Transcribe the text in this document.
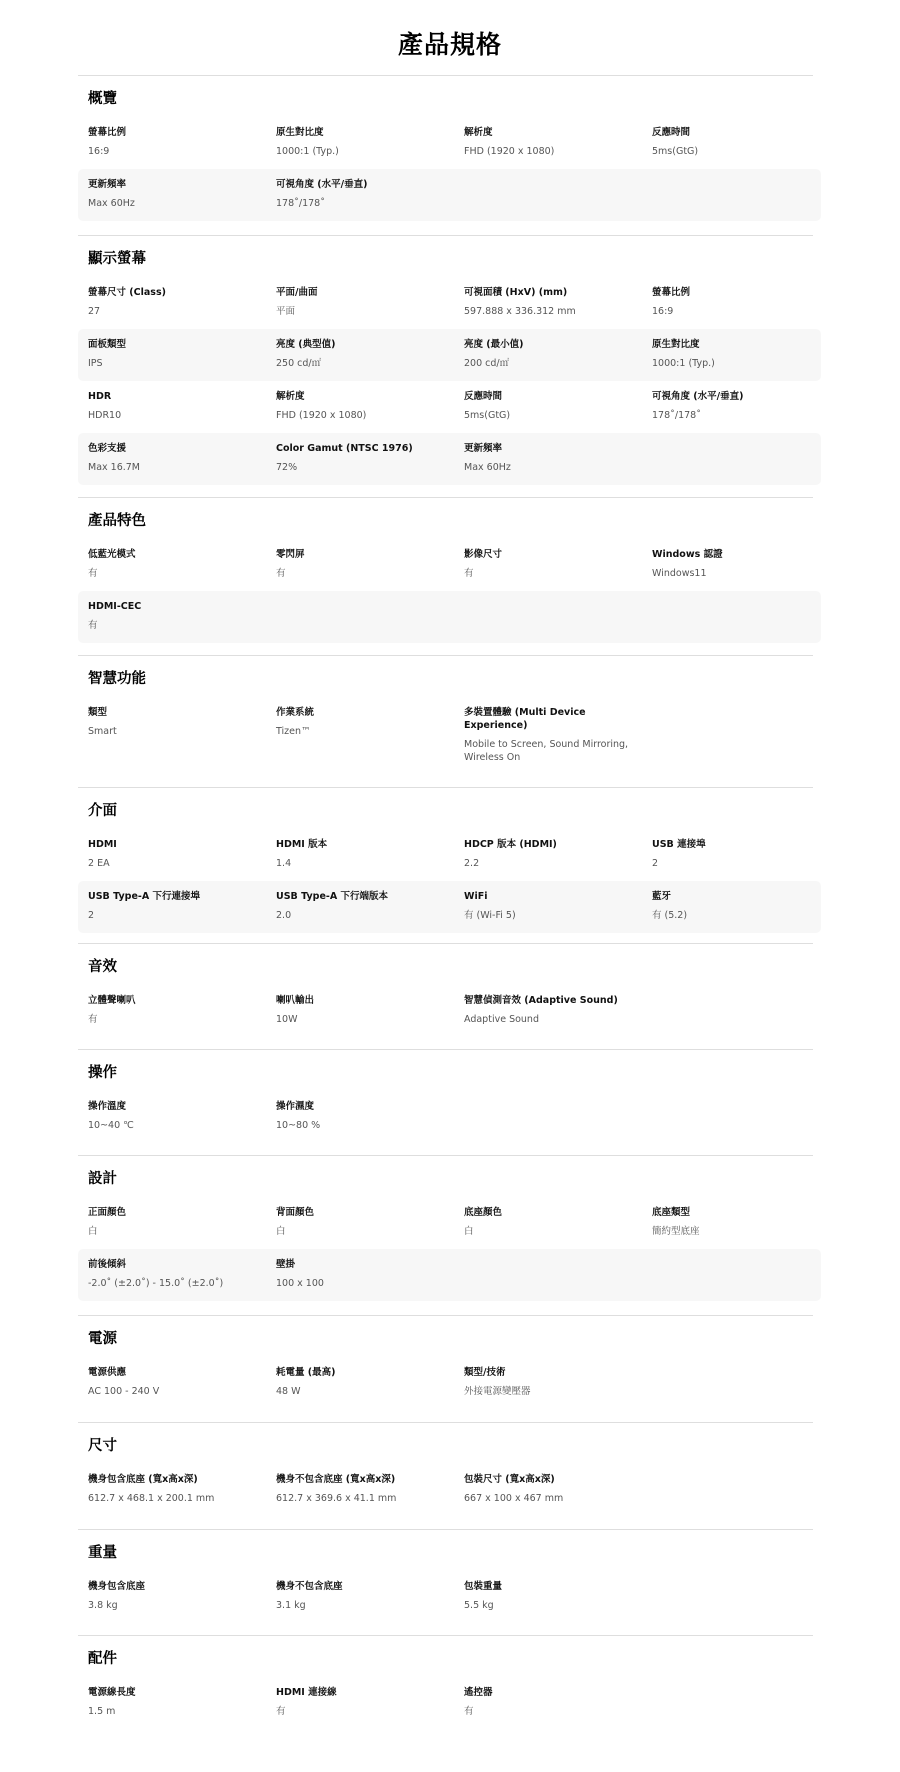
產品規格
概覽
螢幕比例
16:9
原生對比度
1000:1 (Typ.)
解析度
FHD (1920 x 1080)
反應時間
5ms(GtG)
更新頻率
Max 60Hz
可視角度 (水平/垂直)
178˚/178˚
顯示螢幕
螢幕尺寸 (Class)
27
平面/曲面
平面
可視面積 (HxV) (mm)
597.888 x 336.312 mm
螢幕比例
16:9
面板類型
IPS
亮度 (典型值)
250 cd/㎡
亮度 (最小值)
200 cd/㎡
原生對比度
1000:1 (Typ.)
HDR
HDR10
解析度
FHD (1920 x 1080)
反應時間
5ms(GtG)
可視角度 (水平/垂直)
178˚/178˚
色彩支援
Max 16.7M
Color Gamut (NTSC 1976)
72%
更新頻率
Max 60Hz
產品特色
低藍光模式
有
零閃屏
有
影像尺寸
有
Windows 認證
Windows11
HDMI-CEC
有
智慧功能
類型
Smart
作業系統
Tizen™
多裝置體驗 (Multi Device Experience)
Mobile to Screen, Sound Mirroring, Wireless On
介面
HDMI
2 EA
HDMI 版本
1.4
HDCP 版本 (HDMI)
2.2
USB 連接埠
2
USB Type-A 下行連接埠
2
USB Type-A 下行端版本
2.0
WiFi
有 (Wi-Fi 5)
藍牙
有 (5.2)
音效
立體聲喇叭
有
喇叭輸出
10W
智慧偵測音效 (Adaptive Sound)
Adaptive Sound
操作
操作溫度
10~40 ℃
操作濕度
10~80 %
設計
正面顏色
白
背面顏色
白
底座顏色
白
底座類型
簡約型底座
前後傾斜
-2.0˚ (±2.0˚) - 15.0˚ (±2.0˚)
壁掛
100 x 100
電源
電源供應
AC 100 - 240 V
耗電量 (最高)
48 W
類型/技術
外接電源變壓器
尺寸
機身包含底座 (寬x高x深)
612.7 x 468.1 x 200.1 mm
機身不包含底座 (寬x高x深)
612.7 x 369.6 x 41.1 mm
包裝尺寸 (寬x高x深)
667 x 100 x 467 mm
重量
機身包含底座
3.8 kg
機身不包含底座
3.1 kg
包裝重量
5.5 kg
配件
電源線長度
1.5 m
HDMI 連接線
有
遙控器
有
